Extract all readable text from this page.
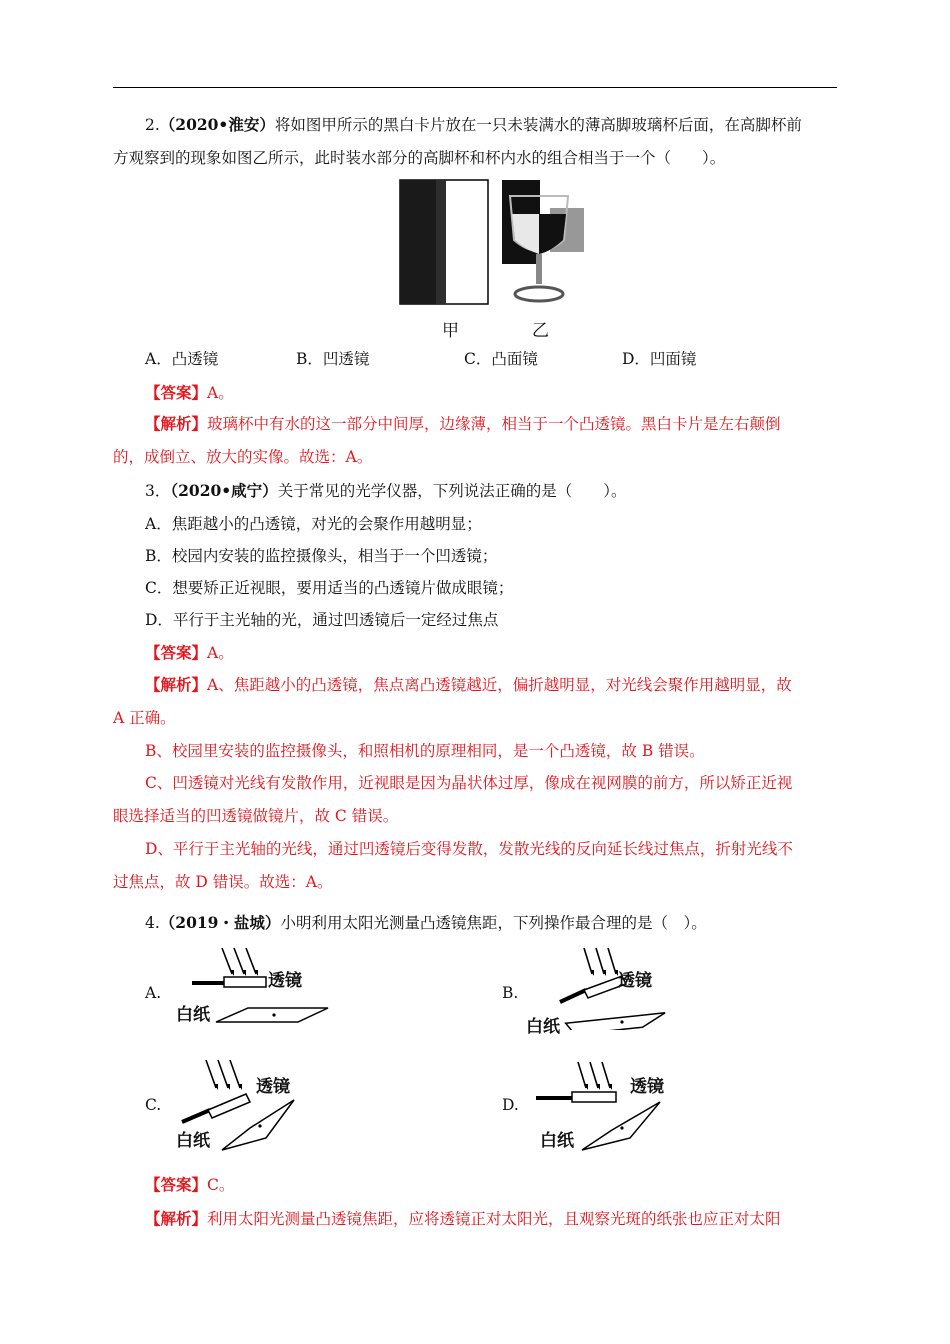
2.（2020•淮安）将如图甲所示的黑白卡片放在一只未装满水的薄高脚玻璃杯后面，在高脚杯前
方观察到的现象如图乙所示，此时装水部分的高脚杯和杯内水的组合相当于一个（　　）。
甲	乙
A．凸透镜	B．凹透镜	C．凸面镜	D．凹面镜
【答案】A。
【解析】玻璃杯中有水的这一部分中间厚，边缘薄，相当于一个凸透镜。黑白卡片是左右颠倒
的，成倒立、放大的实像。故选：A。
3．（2020•咸宁）关于常见的光学仪器，下列说法正确的是（　　）。
A．焦距越小的凸透镜，对光的会聚作用越明显；
B．校园内安装的监控摄像头，相当于一个凹透镜；
C．想要矫正近视眼，要用适当的凸透镜片做成眼镜；
D．平行于主光轴的光，通过凹透镜后一定经过焦点
【答案】A。
【解析】A、焦距越小的凸透镜，焦点离凸透镜越近，偏折越明显，对光线会聚作用越明显，故
A 正确。
B、校园里安装的监控摄像头，和照相机的原理相同，是一个凸透镜，故 B 错误。
C、凹透镜对光线有发散作用，近视眼是因为晶状体过厚，像成在视网膜的前方，所以矫正近视
眼选择适当的凹透镜做镜片，故 C 错误。
D、平行于主光轴的光线，通过凹透镜后变得发散，发散光线的反向延长线过焦点，折射光线不
过焦点，故 D 错误。故选：A。
4.（2019・盐城）小明利用太阳光测量凸透镜焦距，下列操作最合理的是（　）。
A.
透镜
白纸
B.
透镜
白纸
C.
透镜
白纸
D.
透镜
白纸
【答案】C。
【解析】利用太阳光测量凸透镜焦距，应将透镜正对太阳光，且观察光斑的纸张也应正对太阳
